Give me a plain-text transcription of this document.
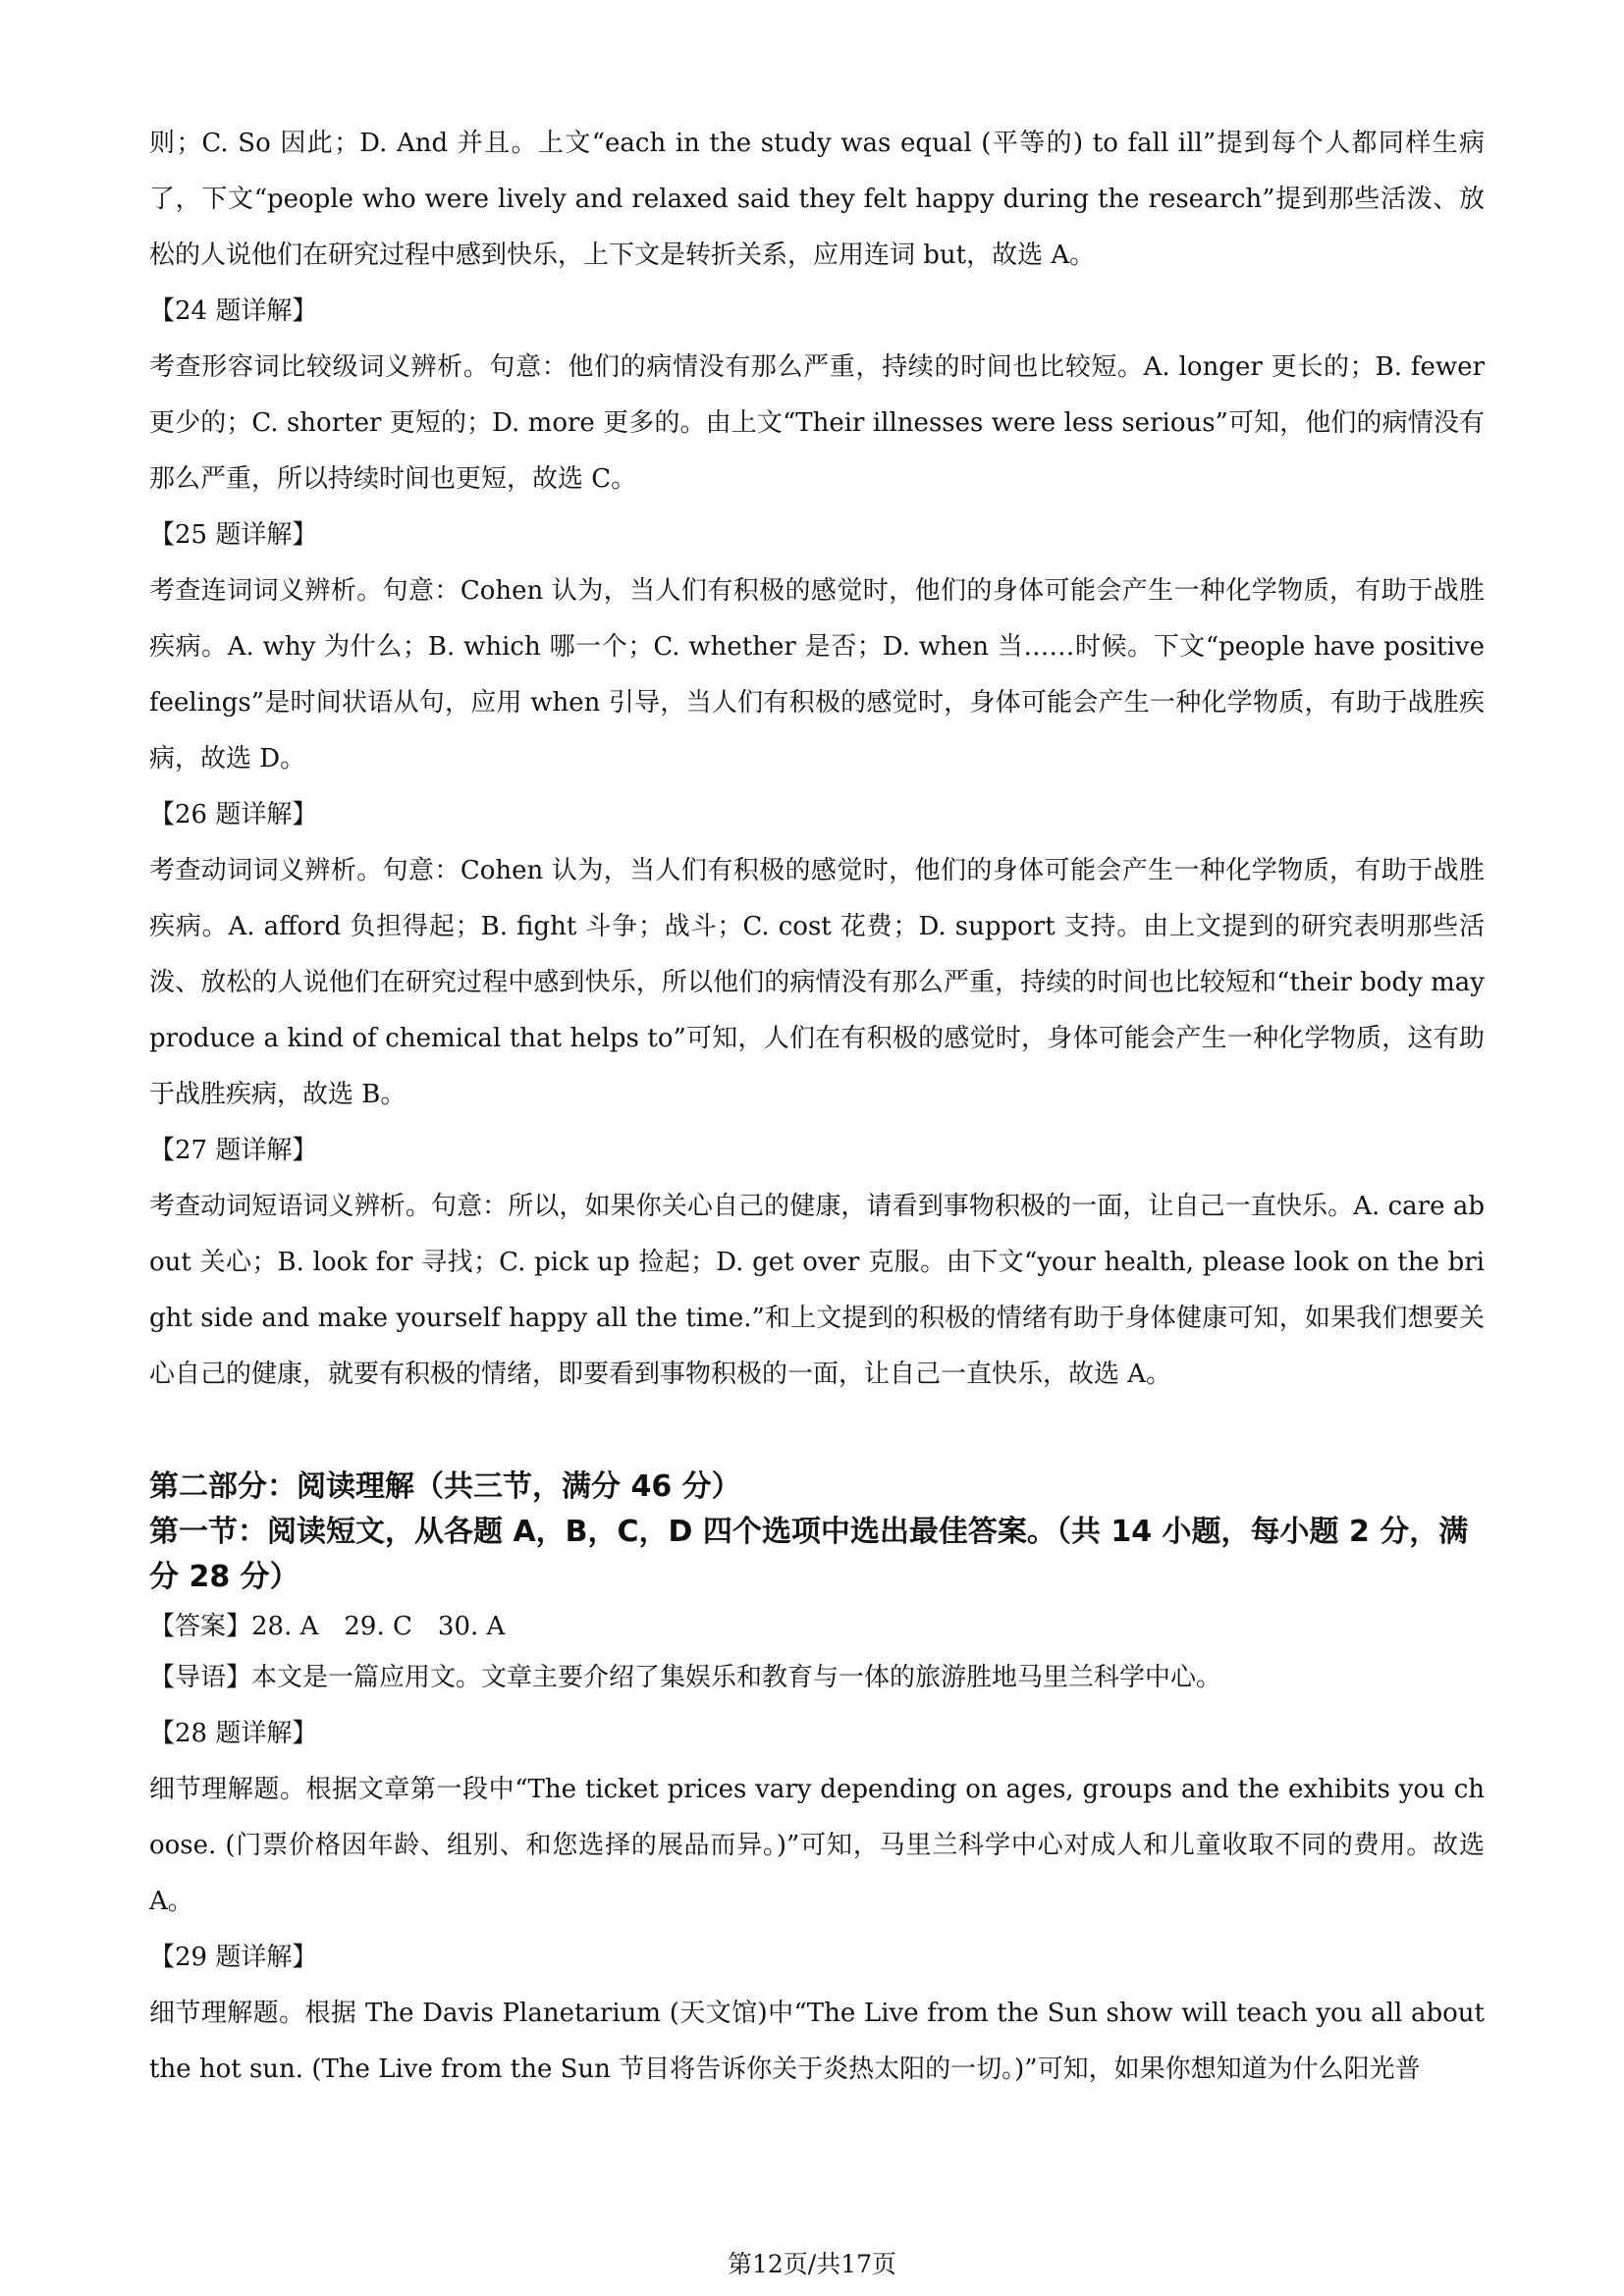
则；C. So 因此；D. And 并且。上文“each in the study was equal (平等的) to fall ill”提到每个人都同样生病了，下文“people who were lively and relaxed said they felt happy during the research”提到那些活泼、放松的人说他们在研究过程中感到快乐，上下文是转折关系，应用连词 but，故选 A。

【24 题详解】

考查形容词比较级词义辨析。句意：他们的病情没有那么严重，持续的时间也比较短。A. longer 更长的；B. fewer 更少的；C. shorter 更短的；D. more 更多的。由上文“Their illnesses were less serious”可知，他们的病情没有那么严重，所以持续时间也更短，故选 C。

【25 题详解】

考查连词词义辨析。句意：Cohen 认为，当人们有积极的感觉时，他们的身体可能会产生一种化学物质，有助于战胜疾病。A. why 为什么；B. which 哪一个；C. whether 是否；D. when 当……时候。下文“people have positive feelings”是时间状语从句，应用 when 引导，当人们有积极的感觉时，身体可能会产生一种化学物质，有助于战胜疾病，故选 D。

【26 题详解】

考查动词词义辨析。句意：Cohen 认为，当人们有积极的感觉时，他们的身体可能会产生一种化学物质，有助于战胜疾病。A. afford 负担得起；B. fight 斗争；战斗；C. cost 花费；D. support 支持。由上文提到的研究表明那些活泼、放松的人说他们在研究过程中感到快乐，所以他们的病情没有那么严重，持续的时间也比较短和“their body may produce a kind of chemical that helps to”可知，人们在有积极的感觉时，身体可能会产生一种化学物质，这有助于战胜疾病，故选 B。

【27 题详解】

考查动词短语词义辨析。句意：所以，如果你关心自己的健康，请看到事物积极的一面，让自己一直快乐。A. care about 关心；B. look for 寻找；C. pick up 捡起；D. get over 克服。由下文“your health, please look on the bright side and make yourself happy all the time.”和上文提到的积极的情绪有助于身体健康可知，如果我们想要关心自己的健康，就要有积极的情绪，即要看到事物积极的一面，让自己一直快乐，故选 A。

第二部分：阅读理解（共三节，满分 46 分）

第一节：阅读短文，从各题 A，B，C，D 四个选项中选出最佳答案。（共 14 小题，每小题 2 分，满分 28 分）

【答案】28. A　29. C　30. A

【导语】本文是一篇应用文。文章主要介绍了集娱乐和教育与一体的旅游胜地马里兰科学中心。

【28 题详解】

细节理解题。根据文章第一段中“The ticket prices vary depending on ages, groups and the exhibits you choose. (门票价格因年龄、组别、和您选择的展品而异。)”可知，马里兰科学中心对成人和儿童收取不同的费用。故选 A。

【29 题详解】

细节理解题。根据 The Davis Planetarium (天文馆)中“The Live from the Sun show will teach you all about the hot sun. (The Live from the Sun 节目将告诉你关于炎热太阳的一切。)”可知，如果你想知道为什么阳光普

第12页/共17页
